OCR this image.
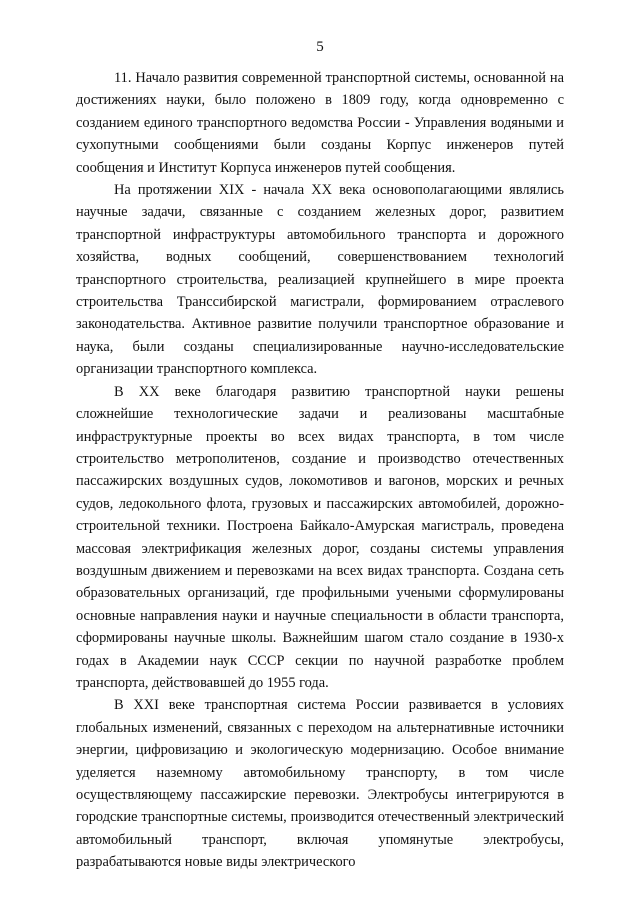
5

11. Начало развития современной транспортной системы, основанной на достижениях науки, было положено в 1809 году, когда одновременно с созданием единого транспортного ведомства России - Управления водяными и сухопутными сообщениями были созданы Корпус инженеров путей сообщения и Институт Корпуса инженеров путей сообщения.

На протяжении XIX - начала XX века основополагающими являлись научные задачи, связанные с созданием железных дорог, развитием транспортной инфраструктуры автомобильного транспорта и дорожного хозяйства, водных сообщений, совершенствованием технологий транспортного строительства, реализацией крупнейшего в мире проекта строительства Транссибирской магистрали, формированием отраслевого законодательства. Активное развитие получили транспортное образование и наука, были созданы специализированные научно-исследовательские организации транспортного комплекса.

В XX веке благодаря развитию транспортной науки решены сложнейшие технологические задачи и реализованы масштабные инфраструктурные проекты во всех видах транспорта, в том числе строительство метрополитенов, создание и производство отечественных пассажирских воздушных судов, локомотивов и вагонов, морских и речных судов, ледокольного флота, грузовых и пассажирских автомобилей, дорожно-строительной техники. Построена Байкало-Амурская магистраль, проведена массовая электрификация железных дорог, созданы системы управления воздушным движением и перевозками на всех видах транспорта. Создана сеть образовательных организаций, где профильными учеными сформулированы основные направления науки и научные специальности в области транспорта, сформированы научные школы. Важнейшим шагом стало создание в 1930-х годах в Академии наук СССР секции по научной разработке проблем транспорта, действовавшей до 1955 года.

В XXI веке транспортная система России развивается в условиях глобальных изменений, связанных с переходом на альтернативные источники энергии, цифровизацию и экологическую модернизацию. Особое внимание уделяется наземному автомобильному транспорту, в том числе осуществляющему пассажирские перевозки. Электробусы интегрируются в городские транспортные системы, производится отечественный электрический автомобильный транспорт, включая упомянутые электробусы, разрабатываются новые виды электрического
